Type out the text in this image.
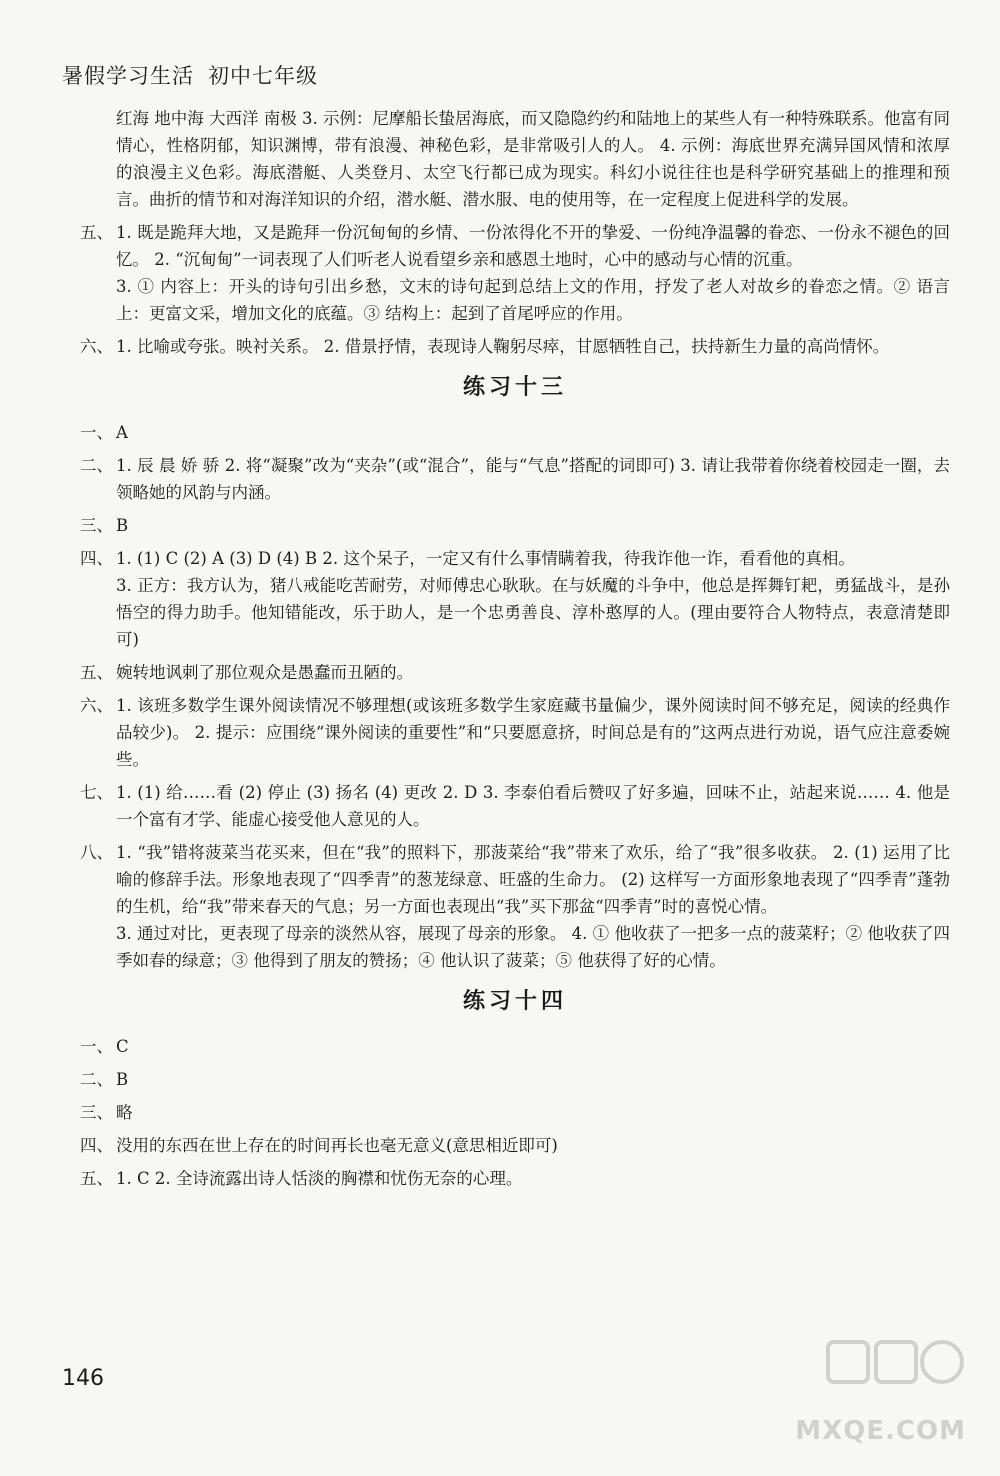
暑假学习生活 初中七年级

红海 地中海 大西洋 南极 3. 示例：尼摩船长蛰居海底，而又隐隐约约和陆地上的某些人有一种特殊联系。他富有同情心，性格阴郁，知识渊博，带有浪漫、神秘色彩，是非常吸引人的人。 4. 示例：海底世界充满异国风情和浓厚的浪漫主义色彩。海底潜艇、人类登月、太空飞行都已成为现实。科幻小说往往也是科学研究基础上的推理和预言。曲折的情节和对海洋知识的介绍，潜水艇、潜水服、电的使用等，在一定程度上促进科学的发展。

五、 1. 既是跪拜大地，又是跪拜一份沉甸甸的乡情、一份浓得化不开的挚爱、一份纯净温馨的眷恋、一份永不褪色的回忆。 2. “沉甸甸”一词表现了人们听老人说看望乡亲和感恩土地时，心中的感动与心情的沉重。

3. ① 内容上：开头的诗句引出乡愁，文末的诗句起到总结上文的作用，抒发了老人对故乡的眷恋之情。② 语言上：更富文采，增加文化的底蕴。③ 结构上：起到了首尾呼应的作用。

六、 1. 比喻或夸张。映衬关系。 2. 借景抒情，表现诗人鞠躬尽瘁，甘愿牺牲自己，扶持新生力量的高尚情怀。

练习十三

一、 A

二、 1. 辰 晨 娇 骄 2. 将“凝聚”改为“夹杂”(或“混合”，能与“气息”搭配的词即可) 3. 请让我带着你绕着校园走一圈，去领略她的风韵与内涵。

三、 B

四、 1. (1) C (2) A (3) D (4) B 2. 这个呆子，一定又有什么事情瞒着我，待我诈他一诈，看看他的真相。

3. 正方：我方认为，猪八戒能吃苦耐劳，对师傅忠心耿耿。在与妖魔的斗争中，他总是挥舞钉耙，勇猛战斗，是孙悟空的得力助手。他知错能改，乐于助人，是一个忠勇善良、淳朴憨厚的人。(理由要符合人物特点，表意清楚即可)

五、 婉转地讽刺了那位观众是愚蠢而丑陋的。

六、 1. 该班多数学生课外阅读情况不够理想(或该班多数学生家庭藏书量偏少，课外阅读时间不够充足，阅读的经典作品较少)。 2. 提示：应围绕“课外阅读的重要性”和“只要愿意挤，时间总是有的”这两点进行劝说，语气应注意委婉些。

七、 1. (1) 给……看 (2) 停止 (3) 扬名 (4) 更改 2. D 3. 李泰伯看后赞叹了好多遍，回味不止，站起来说…… 4. 他是一个富有才学、能虚心接受他人意见的人。

八、 1. “我”错将菠菜当花买来，但在“我”的照料下，那菠菜给“我”带来了欢乐，给了“我”很多收获。 2. (1) 运用了比喻的修辞手法。形象地表现了“四季青”的葱茏绿意、旺盛的生命力。 (2) 这样写一方面形象地表现了“四季青”蓬勃的生机，给“我”带来春天的气息；另一方面也表现出“我”买下那盆“四季青”时的喜悦心情。

3. 通过对比，更表现了母亲的淡然从容，展现了母亲的形象。 4. ① 他收获了一把多一点的菠菜籽；② 他收获了四季如春的绿意；③ 他得到了朋友的赞扬；④ 他认识了菠菜；⑤ 他获得了好的心情。

练习十四

一、 C

二、 B

三、 略

四、 没用的东西在世上存在的时间再长也毫无意义(意思相近即可)

五、 1. C 2. 全诗流露出诗人恬淡的胸襟和忧伤无奈的心理。

146
MXQE.COM
